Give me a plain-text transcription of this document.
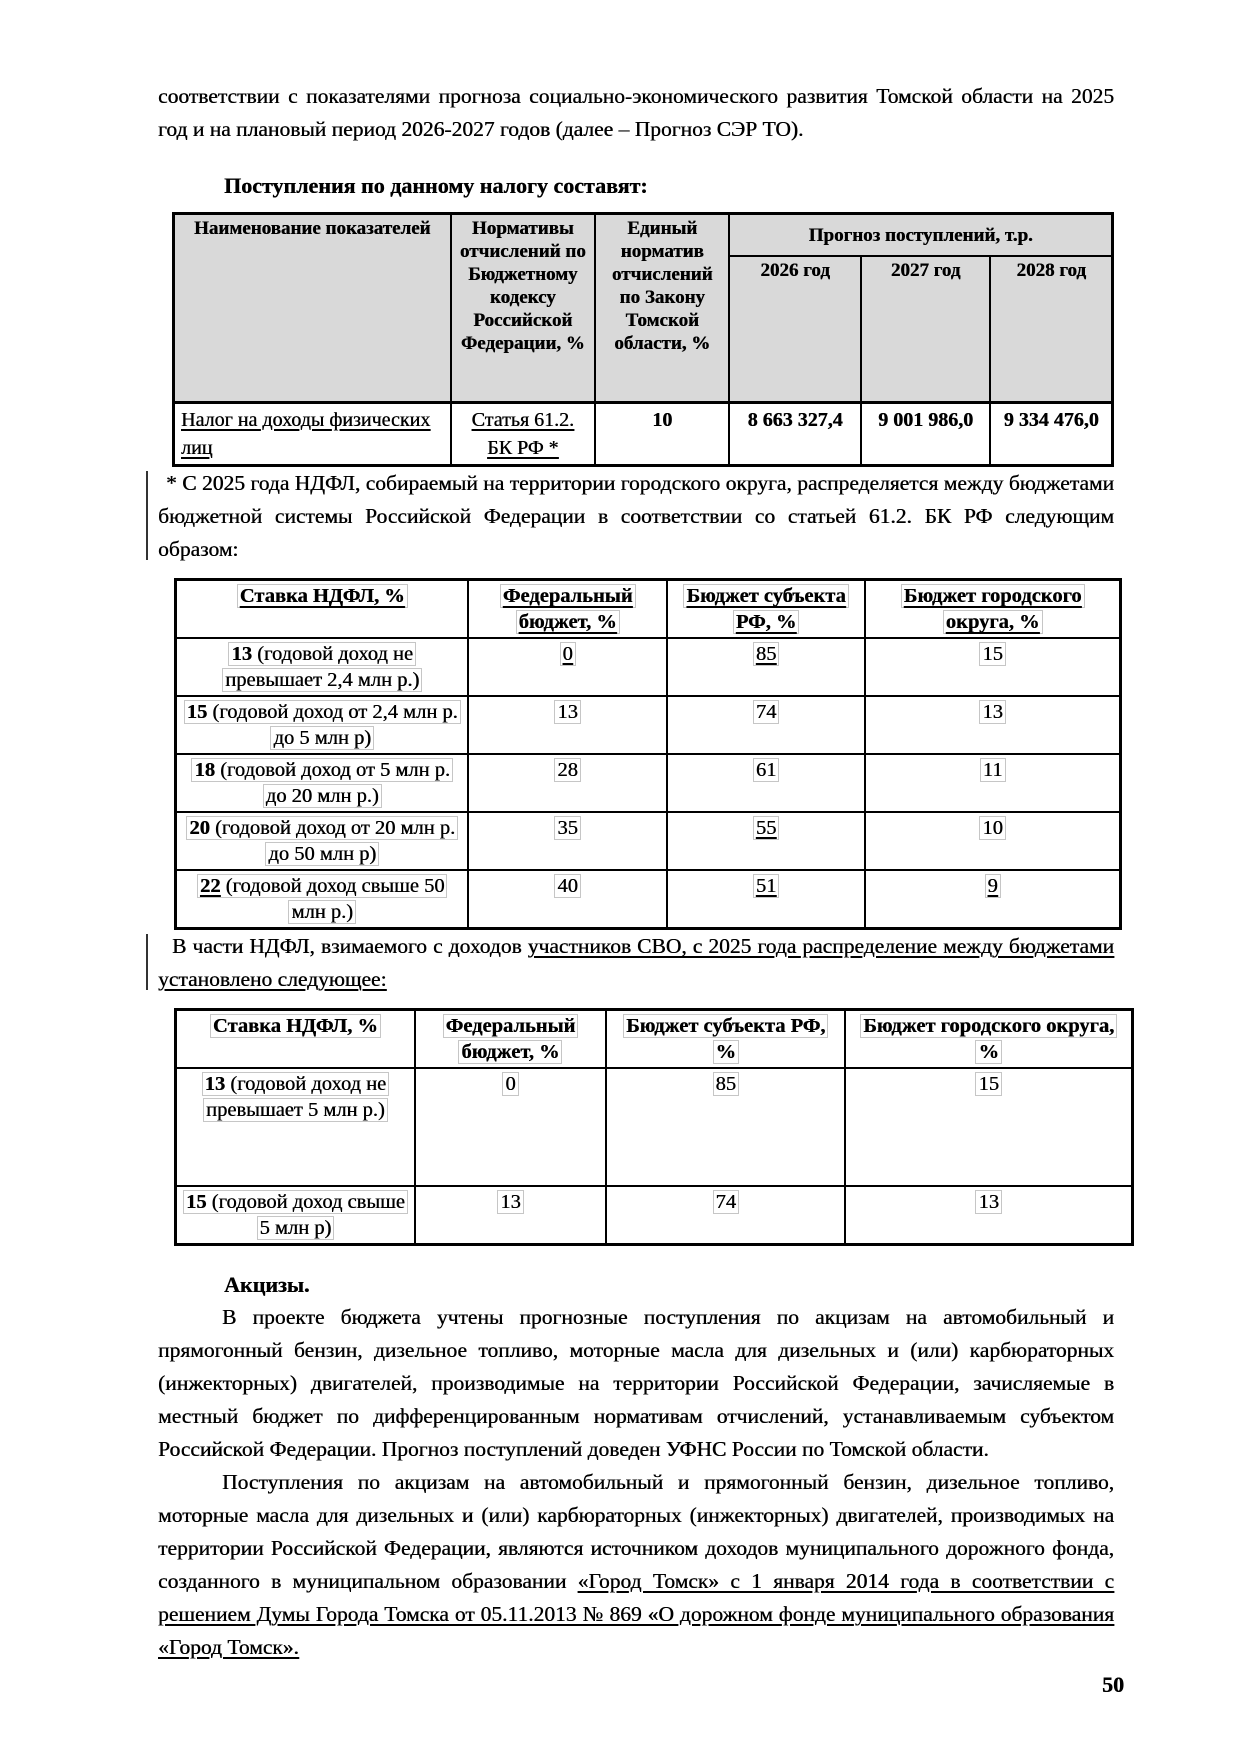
соответствии с показателями прогноза социально-экономического развития Томской области на 2025 год и на плановый период 2026-2027 годов (далее – Прогноз СЭР ТО).

Поступления по данному налогу составят:

Наименование показателей	Нормативы отчислений по Бюджетному кодексу Российской Федерации, %	Единый норматив отчислений по Закону Томской области, %	Прогноз поступлений, т.р.		
			2026 год	2027 год	2028 год
Налог на доходы физических лиц	Статья 61.2. БК РФ *	10	8 663 327,4	9 001 986,0	9 334 476,0

* С 2025 года НДФЛ, собираемый на территории городского округа, распределяется между бюджетами бюджетной системы Российской Федерации в соответствии со статьей 61.2. БК РФ следующим образом:

Ставка НДФЛ, %	Федеральный бюджет, %	Бюджет субъекта РФ, %	Бюджет городского округа, %
13 (годовой доход не превышает 2,4 млн р.)	0	85	15
15 (годовой доход от 2,4 млн р. до 5 млн р)	13	74	13
18 (годовой доход от 5 млн р. до 20 млн р.)	28	61	11
20 (годовой доход от 20 млн р. до 50 млн р)	35	55	10
22 (годовой доход свыше 50 млн р.)	40	51	9

В части НДФЛ, взимаемого с доходов участников СВО, с 2025 года распределение между бюджетами установлено следующее:

Ставка НДФЛ, %	Федеральный бюджет, %	Бюджет субъекта РФ, %	Бюджет городского округа, %
13 (годовой доход не превышает 5 млн р.)	0	85	15
15 (годовой доход свыше 5 млн р)	13	74	13

Акцизы.

В проекте бюджета учтены прогнозные поступления по акцизам на автомобильный и прямогонный бензин, дизельное топливо, моторные масла для дизельных и (или) карбюраторных (инжекторных) двигателей, производимые на территории Российской Федерации, зачисляемые в местный бюджет по дифференцированным нормативам отчислений, устанавливаемым субъектом Российской Федерации. Прогноз поступлений доведен УФНС России по Томской области.

Поступления по акцизам на автомобильный и прямогонный бензин, дизельное топливо, моторные масла для дизельных и (или) карбюраторных (инжекторных) двигателей, производимых на территории Российской Федерации, являются источником доходов муниципального дорожного фонда, созданного в муниципальном образовании «Город Томск» с 1 января 2014 года в соответствии с решением Думы Города Томска от 05.11.2013 № 869 «О дорожном фонде муниципального образования «Город Томск».

50
